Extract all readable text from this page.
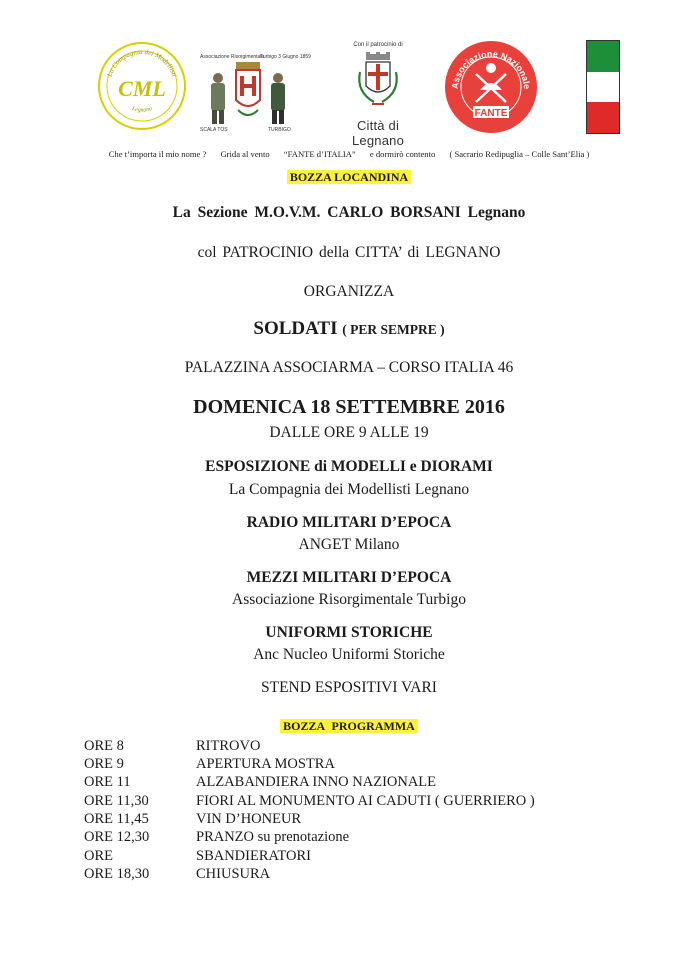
La Compagnia dei Modellisti
Legnano
CML
Associazione Risorgimentale
Turbigo 3 Giugno 1859
SCALA TOS	TURBIGO
Con il patrocinio di
Città di Legnano
Associazione Nazionale
FANTE
Che t’importa il mio nome ? Grida al vento “FANTE d’ITALIA” e dormirò contento ( Sacrario Redipuglia – Colle Sant’Elia )
BOZZA LOCANDINA
La Sezione M.O.V.M. CARLO BORSANI Legnano
col PATROCINIO della CITTA’ di LEGNANO
ORGANIZZA
SOLDATI ( PER SEMPRE )
PALAZZINA ASSOCIARMA – CORSO ITALIA 46
DOMENICA 18 SETTEMBRE 2016
DALLE ORE 9 ALLE 19
ESPOSIZIONE di MODELLI e DIORAMI
La Compagnia dei Modellisti Legnano
RADIO MILITARI D’EPOCA
ANGET Milano
MEZZI MILITARI D’EPOCA
Associazione Risorgimentale Turbigo
UNIFORMI STORICHE
Anc Nucleo Uniformi Storiche
STEND ESPOSITIVI VARI
BOZZA PROGRAMMA
ORE 8	RITROVO
ORE 9	APERTURA MOSTRA
ORE 11	ALZABANDIERA INNO NAZIONALE
ORE 11,30	FIORI AL MONUMENTO AI CADUTI ( GUERRIERO )
ORE 11,45	VIN D’HONEUR
ORE 12,30	PRANZO su prenotazione
ORE	SBANDIERATORI
ORE 18,30	CHIUSURA
